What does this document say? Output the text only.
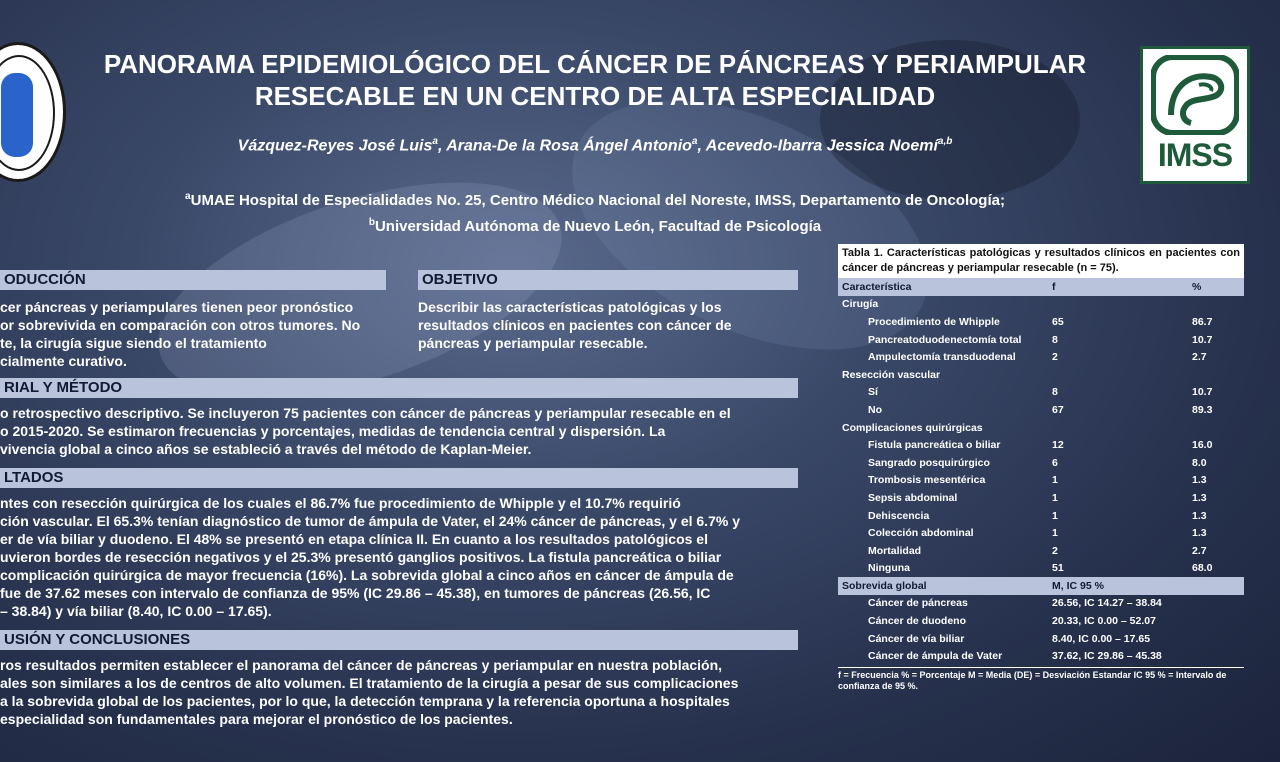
PANORAMA EPIDEMIOLÓGICO DEL CÁNCER DE PÁNCREAS Y PERIAMPULAR
RESECABLE EN UN CENTRO DE ALTA ESPECIALIDAD
Vázquez-Reyes José Luis$^a$, Arana-De la Rosa Ángel Antonio$^a$, Acevedo-Ibarra Jessica Noemí$^{a,b}$
$^a$UMAE Hospital de Especialidades No. 25, Centro Médico Nacional del Noreste, IMSS, Departamento de Oncología;
$^b$Universidad Autónoma de Nuevo León, Facultad de Psicología
IMSS
ODUCCIÓN
cer páncreas y periampulares tienen peor pronóstico
or sobrevivida en comparación con otros tumores. No
te, la cirugía sigue siendo el tratamiento
cialmente curativo.
OBJETIVO
Describir las características patológicas y los
resultados clínicos en pacientes con cáncer de
páncreas y periampular resecable.
RIAL Y MÉTODO
o retrospectivo descriptivo. Se incluyeron 75 pacientes con cáncer de páncreas y periampular resecable en el
o 2015-2020. Se estimaron frecuencias y porcentajes, medidas de tendencia central y dispersión. La
vivencia global a cinco años se estableció a través del método de Kaplan-Meier.
LTADOS
ntes con resección quirúrgica de los cuales el 86.7% fue procedimiento de Whipple y el 10.7% requirió
ción vascular. El 65.3% tenían diagnóstico de tumor de ámpula de Vater, el 24% cáncer de páncreas, y el 6.7% y
er de vía biliar y duodeno. El 48% se presentó en etapa clínica II. En cuanto a los resultados patológicos el
uvieron bordes de resección negativos y el 25.3% presentó ganglios positivos. La fistula pancreática o biliar
complicación quirúrgica de mayor frecuencia (16%). La sobrevida global a cinco años en cáncer de ámpula de
fue de 37.62 meses con intervalo de confianza de 95% (IC 29.86 – 45.38), en tumores de páncreas (26.56, IC
– 38.84) y vía biliar (8.40, IC 0.00 – 17.65).
USIÓN Y CONCLUSIONES
ros resultados permiten establecer el panorama del cáncer de páncreas y periampular en nuestra población,
ales son similares a los de centros de alto volumen. El tratamiento de la cirugía a pesar de sus complicaciones
a la sobrevida global de los pacientes, por lo que, la detección temprana y la referencia oportuna a hospitales
especialidad son fundamentales para mejorar el pronóstico de los pacientes.
Tabla 1. Características patológicas y resultados clínicos en pacientes con cáncer de páncreas y periampular resecable (n = 75).
Característica	f	%
Cirugía		
Procedimiento de Whipple	65	86.7
Pancreatoduodenectomía total	8	10.7
Ampulectomía transduodenal	2	2.7
Resección vascular		
Sí	8	10.7
No	67	89.3
Complicaciones quirúrgicas		
Fistula pancreática o biliar	12	16.0
Sangrado posquirúrgico	6	8.0
Trombosis mesentérica	1	1.3
Sepsis abdominal	1	1.3
Dehiscencia	1	1.3
Colección abdominal	1	1.3
Mortalidad	2	2.7
Ninguna	51	68.0
Sobrevida global	M, IC 95 %	
Cáncer de páncreas	26.56, IC 14.27 – 38.84	
Cáncer de duodeno	20.33, IC 0.00 – 52.07	
Cáncer de vía biliar	8.40, IC 0.00 – 17.65	
Cáncer de ámpula de Vater	37.62, IC 29.86 – 45.38	
f = Frecuencia % = Porcentaje M = Media (DE) = Desviación Estandar IC 95 % = Intervalo de confianza de 95 %.
